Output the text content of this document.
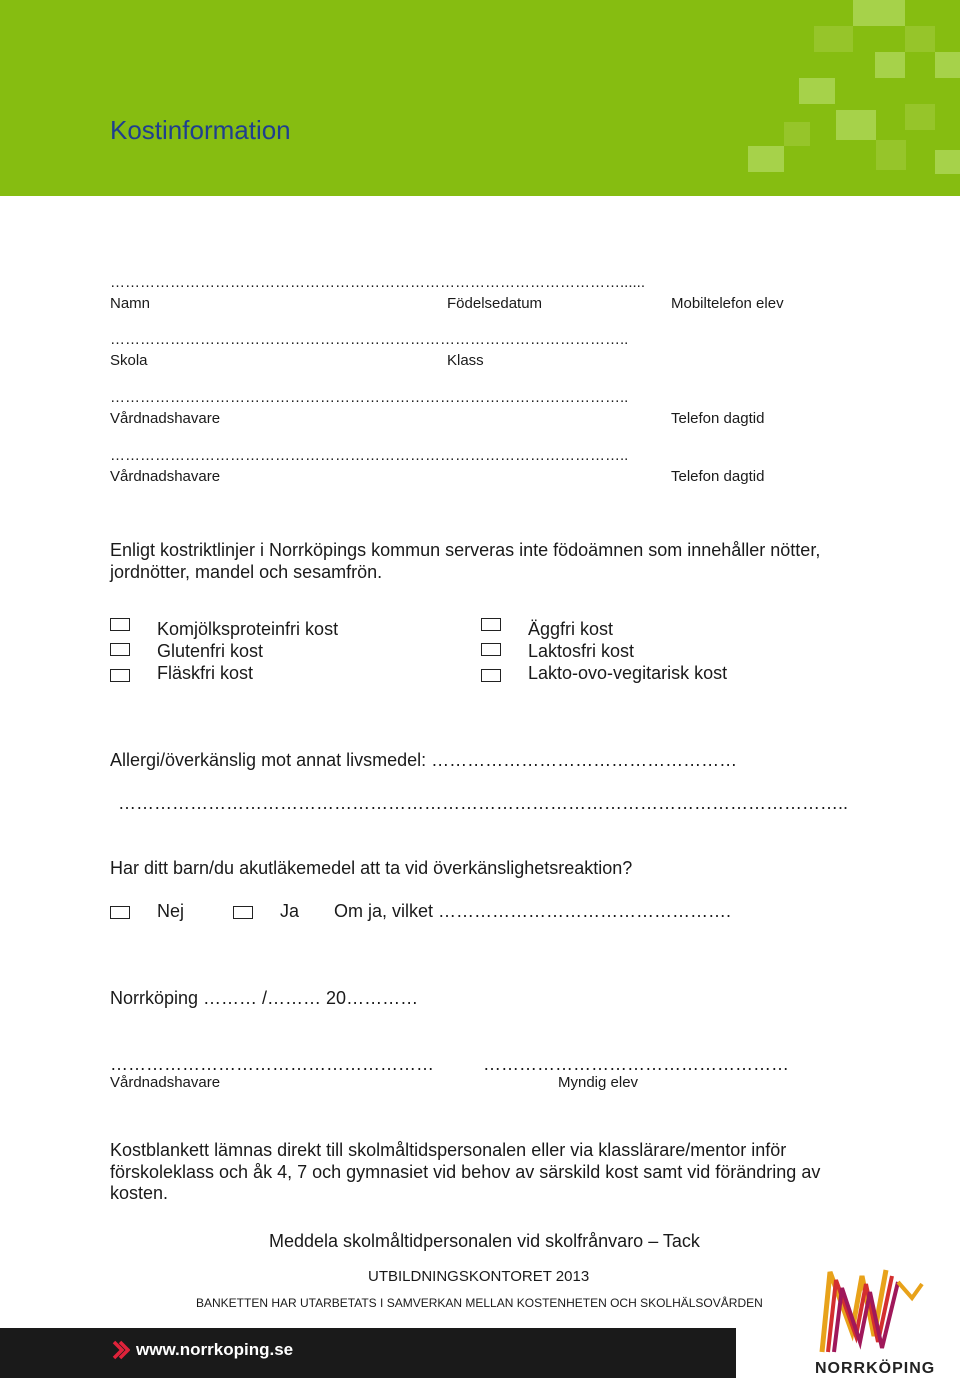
Kostinformation
…………………………………………………………………………………………......
Namn	Födelsedatum	Mobiltelefon elev
…………………………………………………………………………………………..
Skola	Klass
…………………………………………………………………………………………..
Vårdnadshavare	Telefon dagtid
…………………………………………………………………………………………..
Vårdnadshavare	Telefon dagtid
Enligt kostriktlinjer i Norrköpings kommun serveras inte födoämnen som innehåller nötter,
jordnötter, mandel och sesamfrön.
Komjölksproteinfri kost
Glutenfri kost
Fläskfri kost
Äggfri kost
Laktosfri kost
Lakto-ovo-vegitarisk kost
Allergi/överkänslig mot annat livsmedel: ……………………………………………
…………………………………………………………………………………………………………..
Har ditt barn/du akutläkemedel att ta vid överkänslighetsreaktion?
Nej	Ja Om ja, vilket ………………………………………….
Norrköping ……… /……… 20…………
………………………………………………	……………………………………………
Vårdnadshavare	Myndig elev
Kostblankett lämnas direkt till skolmåltidspersonalen eller via klasslärare/mentor inför
förskoleklass och åk 4, 7 och gymnasiet vid behov av särskild kost samt vid förändring av
kosten.
Meddela skolmåltidpersonalen vid skolfrånvaro – Tack
UTBILDNINGSKONTORET 2013
BANKETTEN HAR UTARBETATS I SAMVERKAN MELLAN KOSTENHETEN OCH SKOLHÄLSOVÅRDEN
www.norrkoping.se
NORRKÖPING
